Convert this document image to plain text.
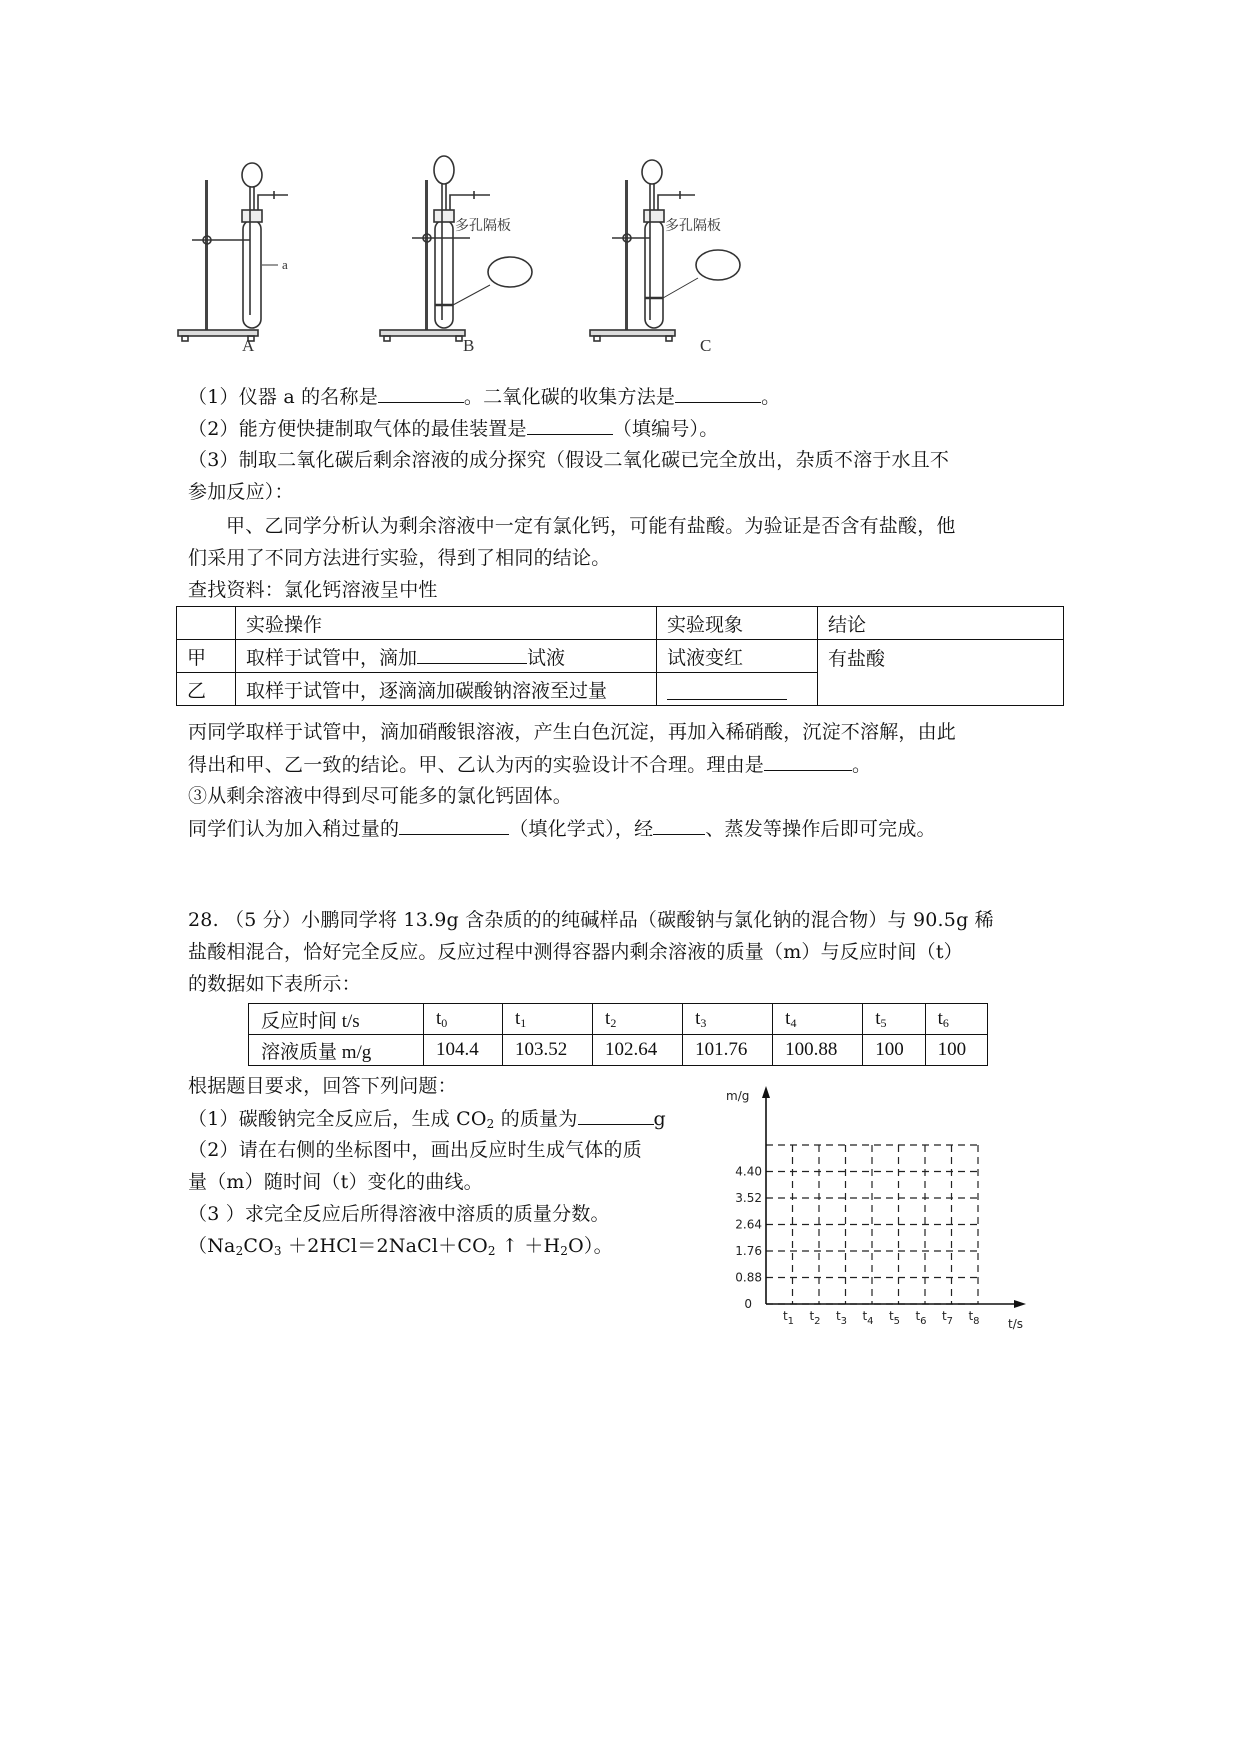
a
多孔隔板	多孔隔板
A	B	C
（1）仪器 a 的名称是	。二氧化碳的收集方法是	。
（2）能方便快捷制取气体的最佳装置是	（填编号）。
（3）制取二氧化碳后剩余溶液的成分探究（假设二氧化碳已完全放出，杂质不溶于水且不
参加反应）：
甲、乙同学分析认为剩余溶液中一定有氯化钙，可能有盐酸。为验证是否含有盐酸，他
们采用了不同方法进行实验，得到了相同的结论。
查找资料：氯化钙溶液呈中性
	实验操作	实验现象	结论
甲	取样于试管中，滴加 试液	试液变红	有盐酸
乙	取样于试管中，逐滴滴加碳酸钠溶液至过量		
丙同学取样于试管中，滴加硝酸银溶液，产生白色沉淀，再加入稀硝酸，沉淀不溶解，由此
得出和甲、乙一致的结论。甲、乙认为丙的实验设计不合理。理由是	。
③从剩余溶液中得到尽可能多的氯化钙固体。
同学们认为加入稍过量的	（填化学式），经	、蒸发等操作后即可完成。
28. （5 分）小鹏同学将 13.9g 含杂质的的纯碱样品（碳酸钠与氯化钠的混合物）与 90.5g 稀
盐酸相混合，恰好完全反应。反应过程中测得容器内剩余溶液的质量（m）与反应时间（t）
的数据如下表所示：
反应时间 t/s	$t_0$	$t_1$	$t_2$	$t_3$	$t_4$	$t_5$	$t_6$
溶液质量 m/g	104.4	103.52	102.64	101.76	100.88	100	100
根据题目要求，回答下列问题：
（1）碳酸钠完全反应后，生成 $CO_2$ 的质量为	g
（2）请在右侧的坐标图中，画出反应时生成气体的质
量（m）随时间（t）变化的曲线。
（3 ）求完全反应后所得溶液中溶质的质量分数。
（$Na_2CO_3$ $+2HCl=2NaCl+CO_2$ ↑ $+H_2O$）。
0
0.88
1.76
2.64
3.52
4.40
$t_1$ $t_2$ $t_3$ $t_4$ $t_5$ $t_6$ $t_7$ $t_8$
m/g
t/s
